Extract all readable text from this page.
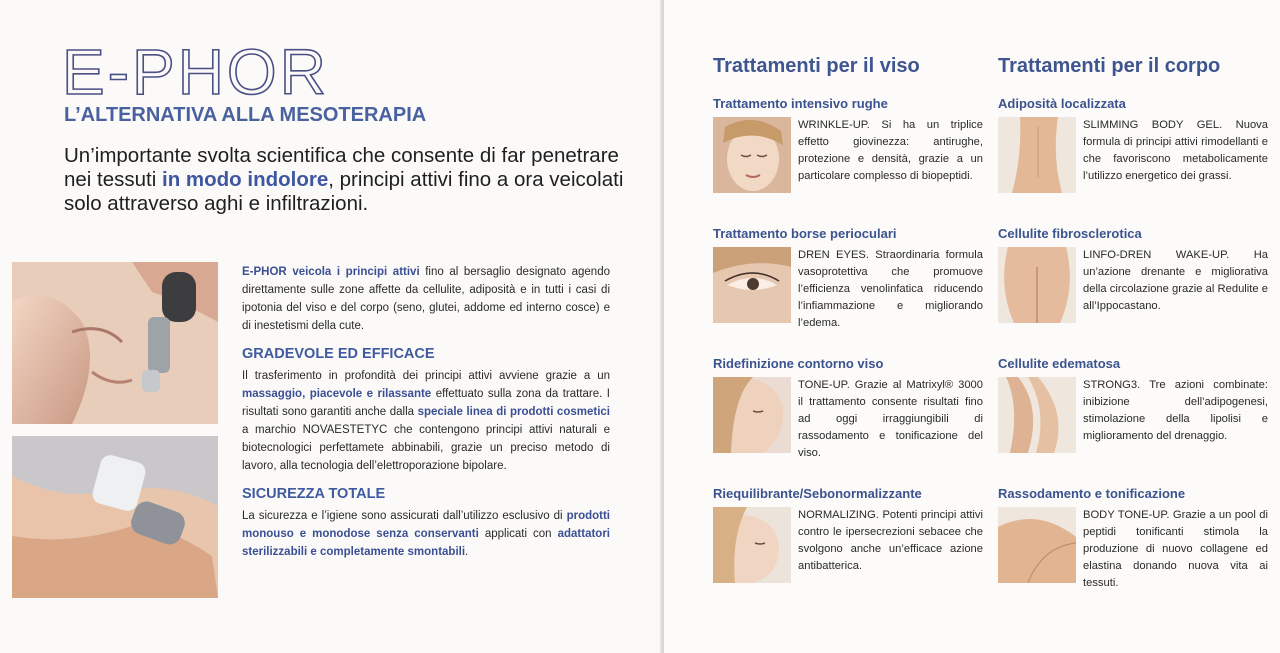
E-PHOR
L’ALTERNATIVA ALLA MESOTERAPIA
Un’importante svolta scientifica che consente di far penetrare nei tessuti in modo indolore, principi attivi fino a ora veicolati solo attraverso aghi e infiltrazioni.

E-PHOR veicola i principi attivi fino al bersaglio designato agendo direttamente sulle zone affette da cellulite, adiposità e in tutti i casi di ipotonia del viso e del corpo (seno, glutei, addome ed interno cosce) e di inestetismi della cute.

GRADEVOLE ED EFFICACE

Il trasferimento in profondità dei principi attivi avviene grazie a un massaggio, piacevole e rilassante effettuato sulla zona da trattare. I risultati sono garantiti anche dalla speciale linea di prodotti cosmetici a marchio NOVAESTETYC che contengono principi attivi naturali e biotecnologici perfettamete abbinabili, grazie un preciso metodo di lavoro, alla tecnologia dell’elettroporazione bipolare.

SICUREZZA TOTALE

La sicurezza e l’igiene sono assicurati dall’utilizzo esclusivo di prodotti monouso e monodose senza conservanti applicati con adattatori sterilizzabili e completamente smontabili.

Trattamenti per il viso	Trattamenti per il corpo
Trattamento intensivo rughe

WRINKLE-UP. Si ha un triplice effetto giovinezza: antirughe, protezione e densità, grazie a un particolare complesso di biopeptidi.

Trattamento borse perioculari

DREN EYES. Straordinaria formula vasoprotettiva che promuove l’efficienza venolinfatica riducendo l’infiammazione e migliorando l’edema.

Ridefinizione contorno viso

TONE-UP. Grazie al Matrixyl® 3000 il trattamento consente risultati fino ad oggi irraggiungibili di rassodamento e tonificazione del viso.

Riequilibrante/Sebonormalizzante

NORMALIZING. Potenti principi attivi contro le ipersecrezioni sebacee che svolgono anche un’efficace azione antibatterica.

Adiposità localizzata

SLIMMING BODY GEL. Nuova formula di principi attivi rimodellanti e che favoriscono metabolicamente l’utilizzo energetico dei grassi.

Cellulite fibrosclerotica

LINFO-DREN WAKE-UP. Ha un’azione drenante e migliorativa della circolazione grazie al Redulite e all’Ippocastano.

Cellulite edematosa

STRONG3. Tre azioni combinate: inibizione dell’adipogenesi, stimolazione della lipolisi e miglioramento del drenaggio.

Rassodamento e tonificazione

BODY TONE-UP. Grazie a un pool di peptidi tonificanti stimola la produzione di nuovo collagene ed elastina donando nuova vita ai tessuti.
